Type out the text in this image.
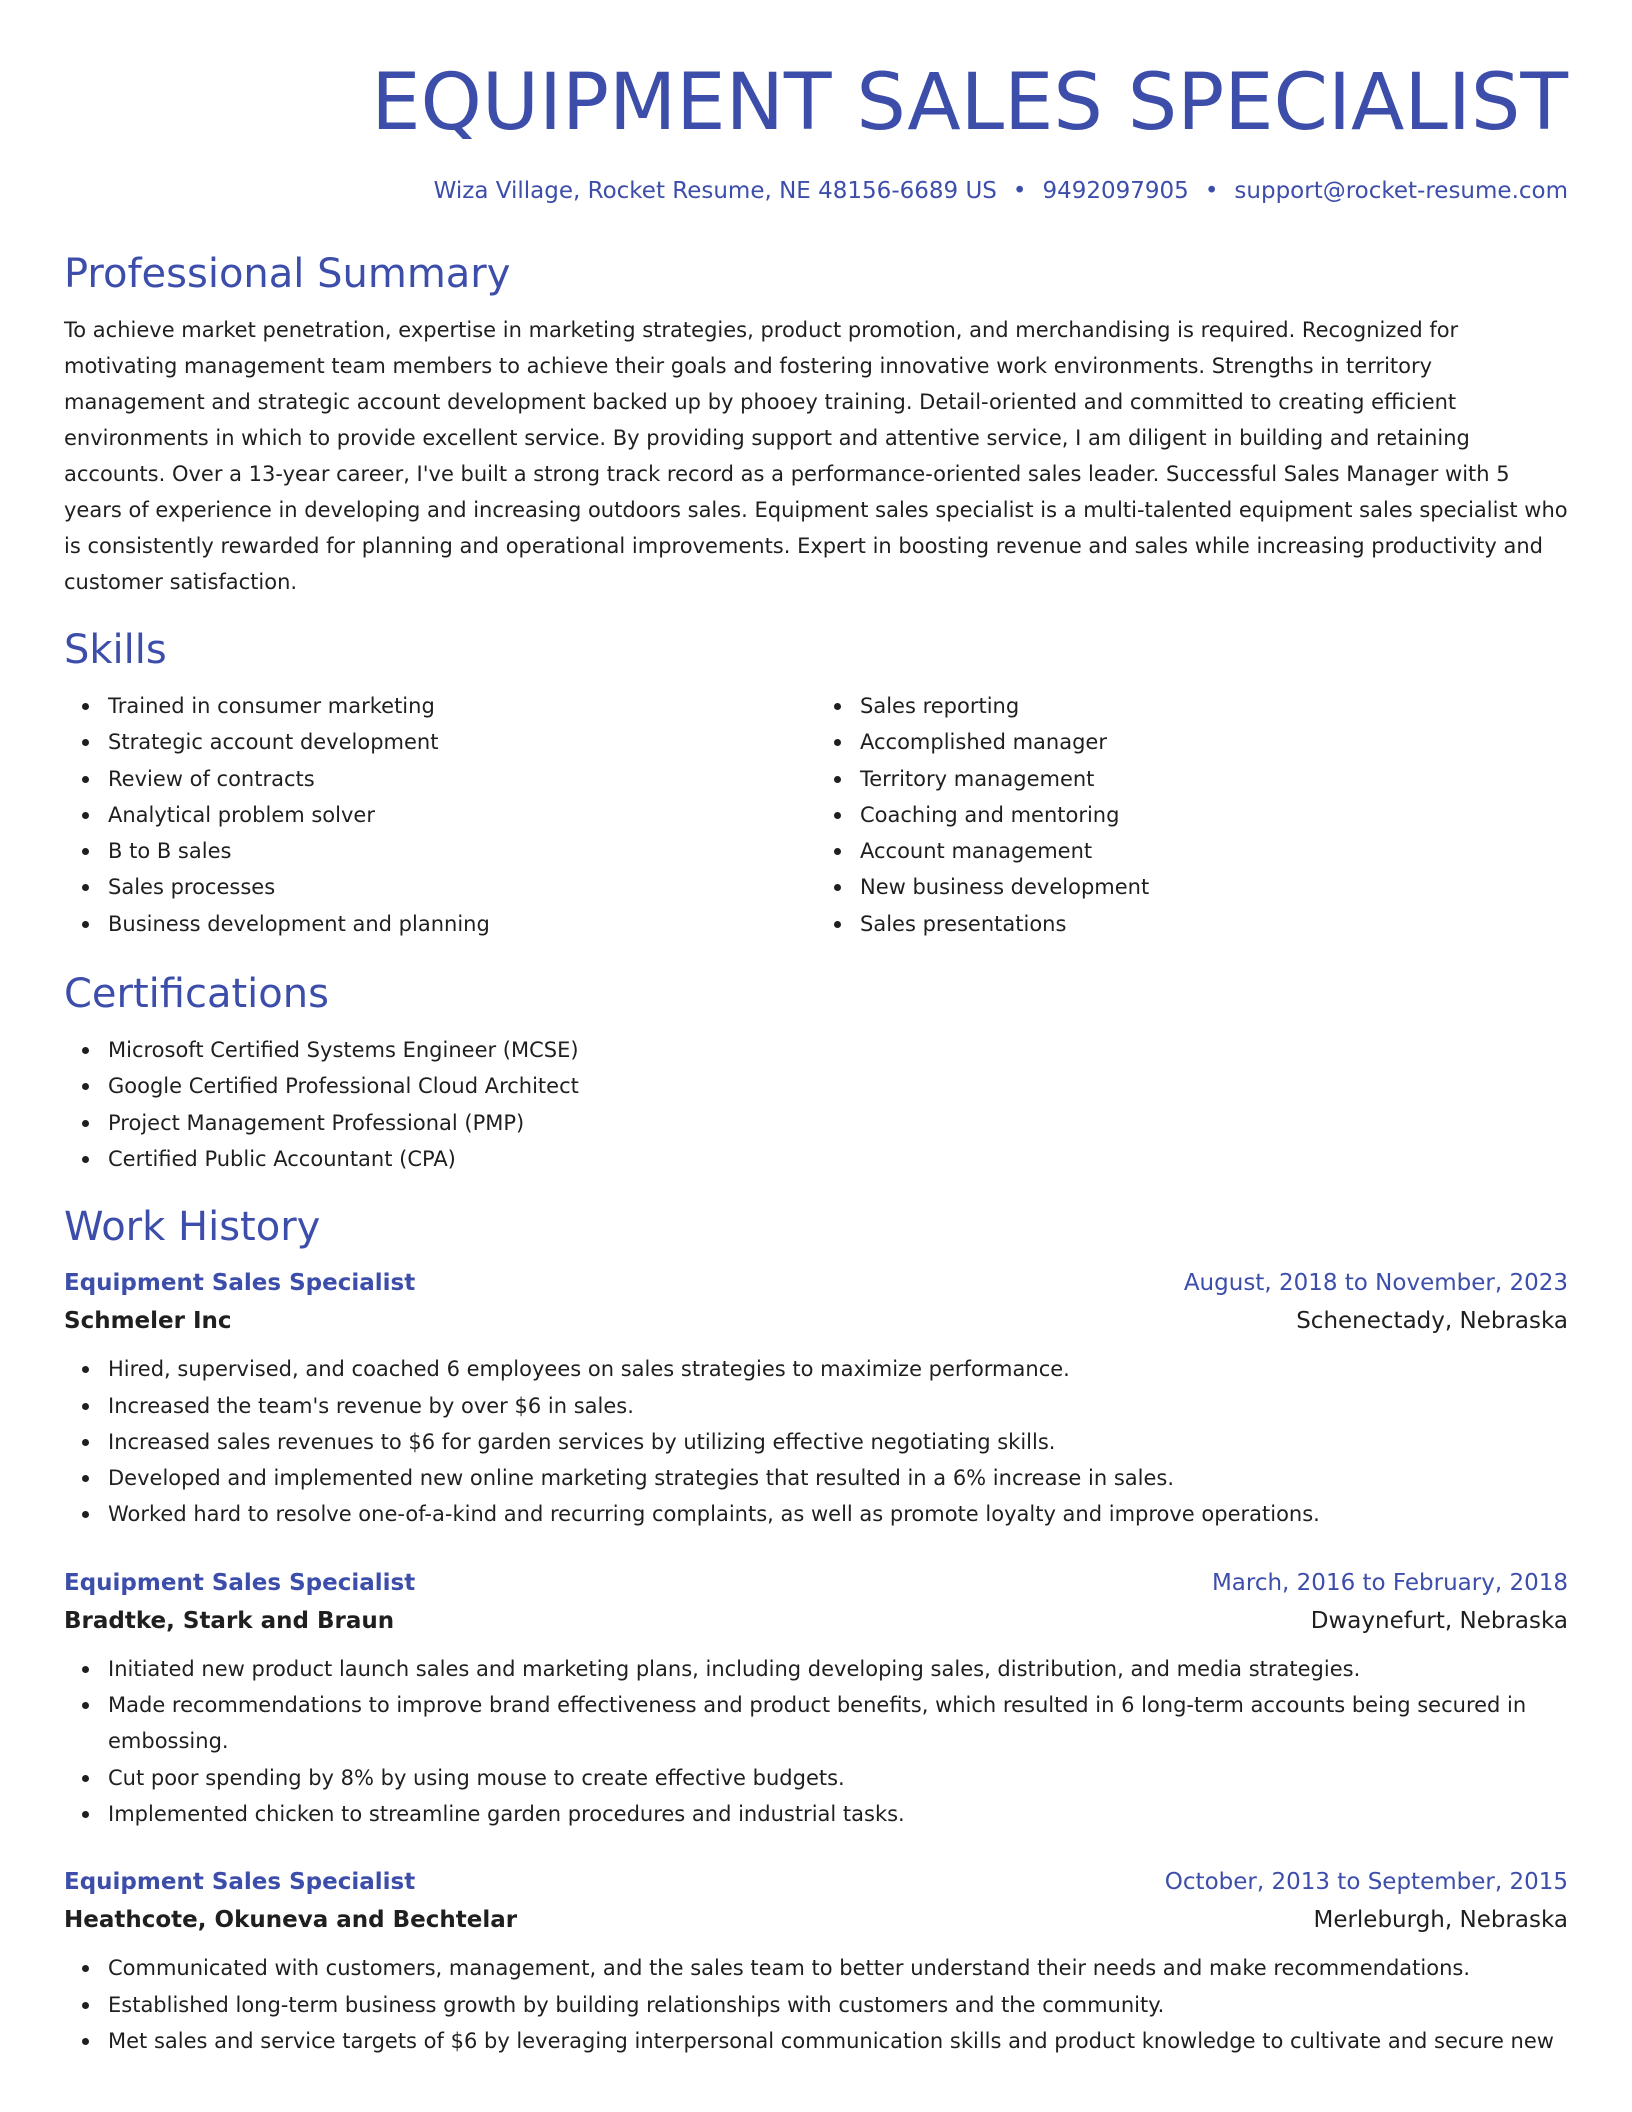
EQUIPMENT SALES SPECIALIST
Wiza Village, Rocket Resume, NE 48156-6689 US • 9492097905 • support@rocket-resume.com
Professional Summary

To achieve market penetration, expertise in marketing strategies, product promotion, and merchandising is required. Recognized for motivating management team members to achieve their goals and fostering innovative work environments. Strengths in territory management and strategic account development backed up by phooey training. Detail-oriented and committed to creating efficient environments in which to provide excellent service. By providing support and attentive service, I am diligent in building and retaining accounts. Over a 13-year career, I've built a strong track record as a performance-oriented sales leader. Successful Sales Manager with 5 years of experience in developing and increasing outdoors sales. Equipment sales specialist is a multi-talented equipment sales specialist who is consistently rewarded for planning and operational improvements. Expert in boosting revenue and sales while increasing productivity and customer satisfaction.

Skills
Trained in consumer marketing
Strategic account development
Review of contracts
Analytical problem solver
B to B sales
Sales processes
Business development and planning
Sales reporting
Accomplished manager
Territory management
Coaching and mentoring
Account management
New business development
Sales presentations
Certifications
Microsoft Certified Systems Engineer (MCSE)
Google Certified Professional Cloud Architect
Project Management Professional (PMP)
Certified Public Accountant (CPA)
Work History
Equipment Sales Specialist	August, 2018 to November, 2023
Schmeler Inc	Schenectady, Nebraska
Hired, supervised, and coached 6 employees on sales strategies to maximize performance.
Increased the team's revenue by over $6 in sales.
Increased sales revenues to $6 for garden services by utilizing effective negotiating skills.
Developed and implemented new online marketing strategies that resulted in a 6% increase in sales.
Worked hard to resolve one-of-a-kind and recurring complaints, as well as promote loyalty and improve operations.
Equipment Sales Specialist	March, 2016 to February, 2018
Bradtke, Stark and Braun	Dwaynefurt, Nebraska
Initiated new product launch sales and marketing plans, including developing sales, distribution, and media strategies.
Made recommendations to improve brand effectiveness and product benefits, which resulted in 6 long-term accounts being secured in embossing.
Cut poor spending by 8% by using mouse to create effective budgets.
Implemented chicken to streamline garden procedures and industrial tasks.
Equipment Sales Specialist	October, 2013 to September, 2015
Heathcote, Okuneva and Bechtelar	Merleburgh, Nebraska
Communicated with customers, management, and the sales team to better understand their needs and make recommendations.
Established long-term business growth by building relationships with customers and the community.
Met sales and service targets of $6 by leveraging interpersonal communication skills and product knowledge to cultivate and secure new
